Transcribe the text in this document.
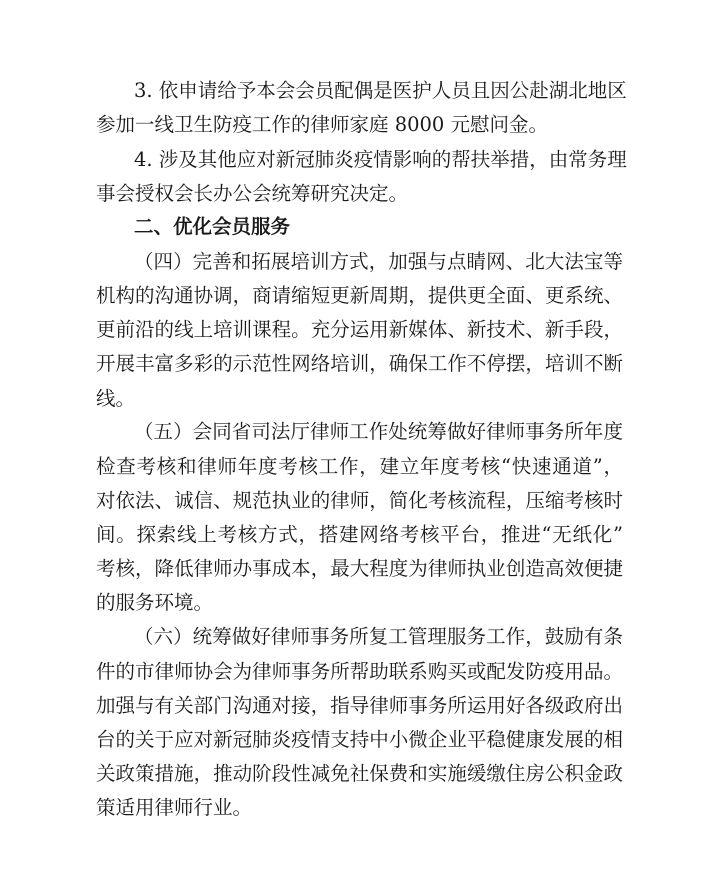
3. 依申请给予本会会员配偶是医护人员且因公赴湖北地区
参加一线卫生防疫工作的律师家庭 8000 元慰问金。
4. 涉及其他应对新冠肺炎疫情影响的帮扶举措，由常务理
事会授权会长办公会统筹研究决定。
二、优化会员服务
（四）完善和拓展培训方式，加强与点睛网、北大法宝等
机构的沟通协调，商请缩短更新周期，提供更全面、更系统、
更前沿的线上培训课程。充分运用新媒体、新技术、新手段，
开展丰富多彩的示范性网络培训，确保工作不停摆，培训不断
线。
（五）会同省司法厅律师工作处统筹做好律师事务所年度
检查考核和律师年度考核工作，建立年度考核“快速通道”，
对依法、诚信、规范执业的律师，简化考核流程，压缩考核时
间。探索线上考核方式，搭建网络考核平台，推进“无纸化”
考核，降低律师办事成本，最大程度为律师执业创造高效便捷
的服务环境。
（六）统筹做好律师事务所复工管理服务工作，鼓励有条
件的市律师协会为律师事务所帮助联系购买或配发防疫用品。
加强与有关部门沟通对接，指导律师事务所运用好各级政府出
台的关于应对新冠肺炎疫情支持中小微企业平稳健康发展的相
关政策措施，推动阶段性减免社保费和实施缓缴住房公积金政
策适用律师行业。
